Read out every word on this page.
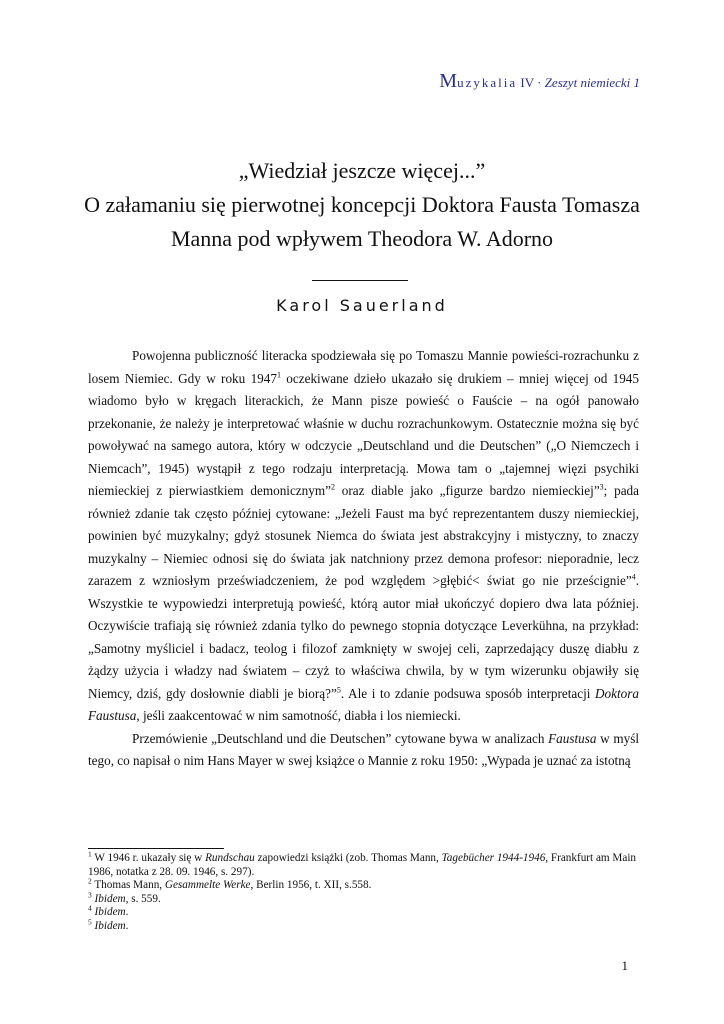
Muzykalia IV · Zeszyt niemiecki 1
„Wiedział jeszcze więcej...”
O załamaniu się pierwotnej koncepcji Doktora Fausta Tomasza
Manna pod wpływem Theodora W. Adorno
Karol Sauerland

Powojenna publiczność literacka spodziewała się po Tomaszu Mannie powieści-rozrachunku z losem Niemiec. Gdy w roku 1947$^1$ oczekiwane dzieło ukazało się drukiem – mniej więcej od 1945 wiadomo było w kręgach literackich, że Mann pisze powieść o Fauście – na ogół panowało przekonanie, że należy je interpretować właśnie w duchu rozrachunkowym. Ostatecznie można się być powoływać na samego autora, który w odczycie „Deutschland und die Deutschen” („O Niemczech i Niemcach”, 1945) wystąpił z tego rodzaju interpretacją. Mowa tam o „tajemnej więzi psychiki niemieckiej z pierwiastkiem demonicznym”$^2$ oraz diable jako „figurze bardzo niemieckiej”$^3$; pada również zdanie tak często później cytowane: „Jeżeli Faust ma być reprezentantem duszy niemieckiej, powinien być muzykalny; gdyż stosunek Niemca do świata jest abstrakcyjny i mistyczny, to znaczy muzykalny – Niemiec odnosi się do świata jak natchniony przez demona profesor: nieporadnie, lecz zarazem z wzniosłym przeświadczeniem, że pod względem >głębić< świat go nie prześcignie”$^4$. Wszystkie te wypowiedzi interpretują powieść, którą autor miał ukończyć dopiero dwa lata później. Oczywiście trafiają się również zdania tylko do pewnego stopnia dotyczące Leverkühna, na przykład: „Samotny myśliciel i badacz, teolog i filozof zamknięty w swojej celi, zaprzedający duszę diabłu z żądzy użycia i władzy nad światem – czyż to właściwa chwila, by w tym wizerunku objawiły się Niemcy, dziś, gdy dosłownie diabli je biorą?”$^5$. Ale i to zdanie podsuwa sposób interpretacji Doktora Faustusa, jeśli zaakcentować w nim samotność, diabła i los niemiecki.

Przemówienie „Deutschland und die Deutschen” cytowane bywa w analizach Faustusa w myśl tego, co napisał o nim Hans Mayer w swej książce o Mannie z roku 1950: „Wypada je uznać za istotną

$^1$ W 1946 r. ukazały się w Rundschau zapowiedzi książki (zob. Thomas Mann, Tagebücher 1944-1946, Frankfurt am Main 1986, notatka z 28. 09. 1946, s. 297).
$^2$ Thomas Mann, Gesammelte Werke, Berlin 1956, t. XII, s.558.
$^3$ Ibidem, s. 559.
$^4$ Ibidem.
$^5$ Ibidem.
1
